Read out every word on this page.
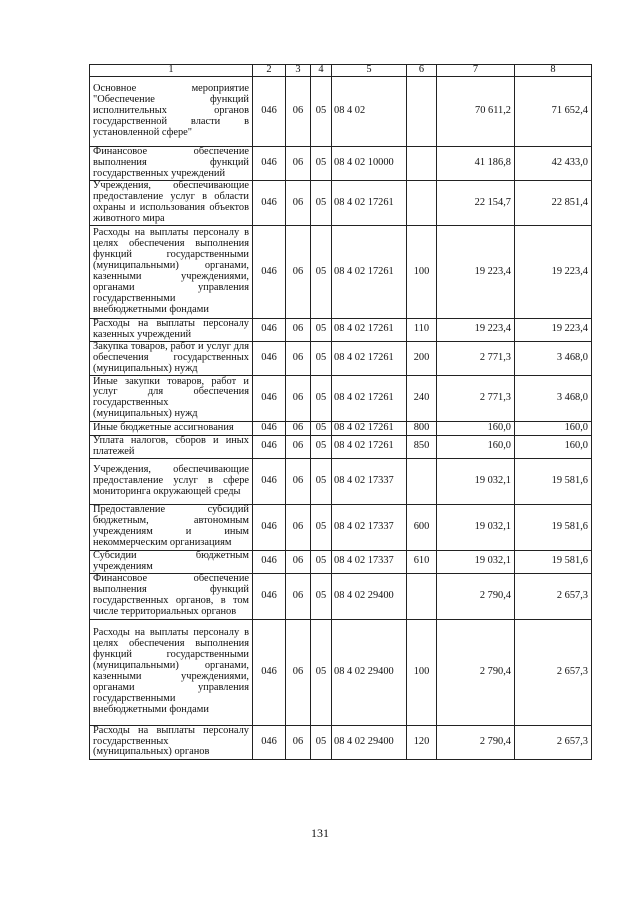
1	2	3	4	5	6	7	8
Основное мероприятие "Обеспечение функций исполнительных органов государственной власти в установленной сфере"	046	06	05	08 4 02		70 611,2	71 652,4
Финансовое обеспечение выполнения функций государственных учреждений	046	06	05	08 4 02 10000		41 186,8	42 433,0
Учреждения, обеспечивающие предоставление услуг в области охраны и использования объектов животного мира	046	06	05	08 4 02 17261		22 154,7	22 851,4
Расходы на выплаты персоналу в целях обеспечения выполнения функций государственными (муниципальными) органами, казенными учреждениями, органами управления государственными внебюджетными фондами	046	06	05	08 4 02 17261	100	19 223,4	19 223,4
Расходы на выплаты персоналу казенных учреждений	046	06	05	08 4 02 17261	110	19 223,4	19 223,4
Закупка товаров, работ и услуг для обеспечения государственных (муниципальных) нужд	046	06	05	08 4 02 17261	200	2 771,3	3 468,0
Иные закупки товаров, работ и услуг для обеспечения государственных (муниципальных) нужд	046	06	05	08 4 02 17261	240	2 771,3	3 468,0
Иные бюджетные ассигнования	046	06	05	08 4 02 17261	800	160,0	160,0
Уплата налогов, сборов и иных платежей	046	06	05	08 4 02 17261	850	160,0	160,0
Учреждения, обеспечивающие предоставление услуг в сфере мониторинга окружающей среды	046	06	05	08 4 02 17337		19 032,1	19 581,6
Предоставление субсидий бюджетным, автономным учреждениям и иным некоммерческим организациям	046	06	05	08 4 02 17337	600	19 032,1	19 581,6
Субсидии бюджетным учреждениям	046	06	05	08 4 02 17337	610	19 032,1	19 581,6
Финансовое обеспечение выполнения функций государственных органов, в том числе территориальных органов	046	06	05	08 4 02 29400		2 790,4	2 657,3
Расходы на выплаты персоналу в целях обеспечения выполнения функций государственными (муниципальными) органами, казенными учреждениями, органами управления государственными внебюджетными фондами	046	06	05	08 4 02 29400	100	2 790,4	2 657,3
Расходы на выплаты персоналу государственных (муниципальных) органов	046	06	05	08 4 02 29400	120	2 790,4	2 657,3
131
